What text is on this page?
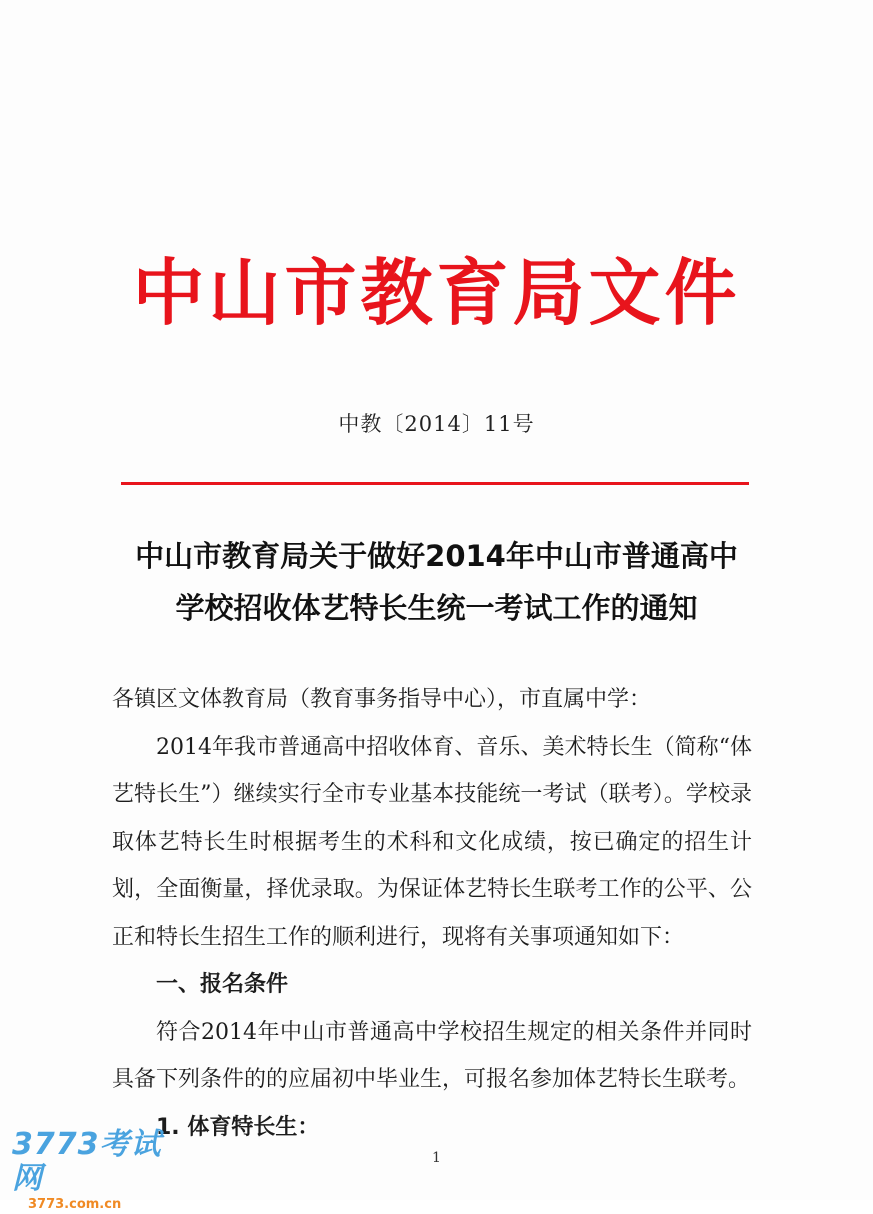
中山市教育局文件
中教〔2014〕11号
中山市教育局关于做好2014年中山市普通高中
学校招收体艺特长生统一考试工作的通知

各镇区文体教育局（教育事务指导中心），市直属中学：

2014年我市普通高中招收体育、音乐、美术特长生（简称“体艺特长生”）继续实行全市专业基本技能统一考试（联考）。学校录取体艺特长生时根据考生的术科和文化成绩，按已确定的招生计划，全面衡量，择优录取。为保证体艺特长生联考工作的公平、公正和特长生招生工作的顺利进行，现将有关事项通知如下：

一、报名条件

符合2014年中山市普通高中学校招生规定的相关条件并同时具备下列条件的的应届初中毕业生，可报名参加体艺特长生联考。

1. 体育特长生：

1
3773考试网
3773.com.cn
